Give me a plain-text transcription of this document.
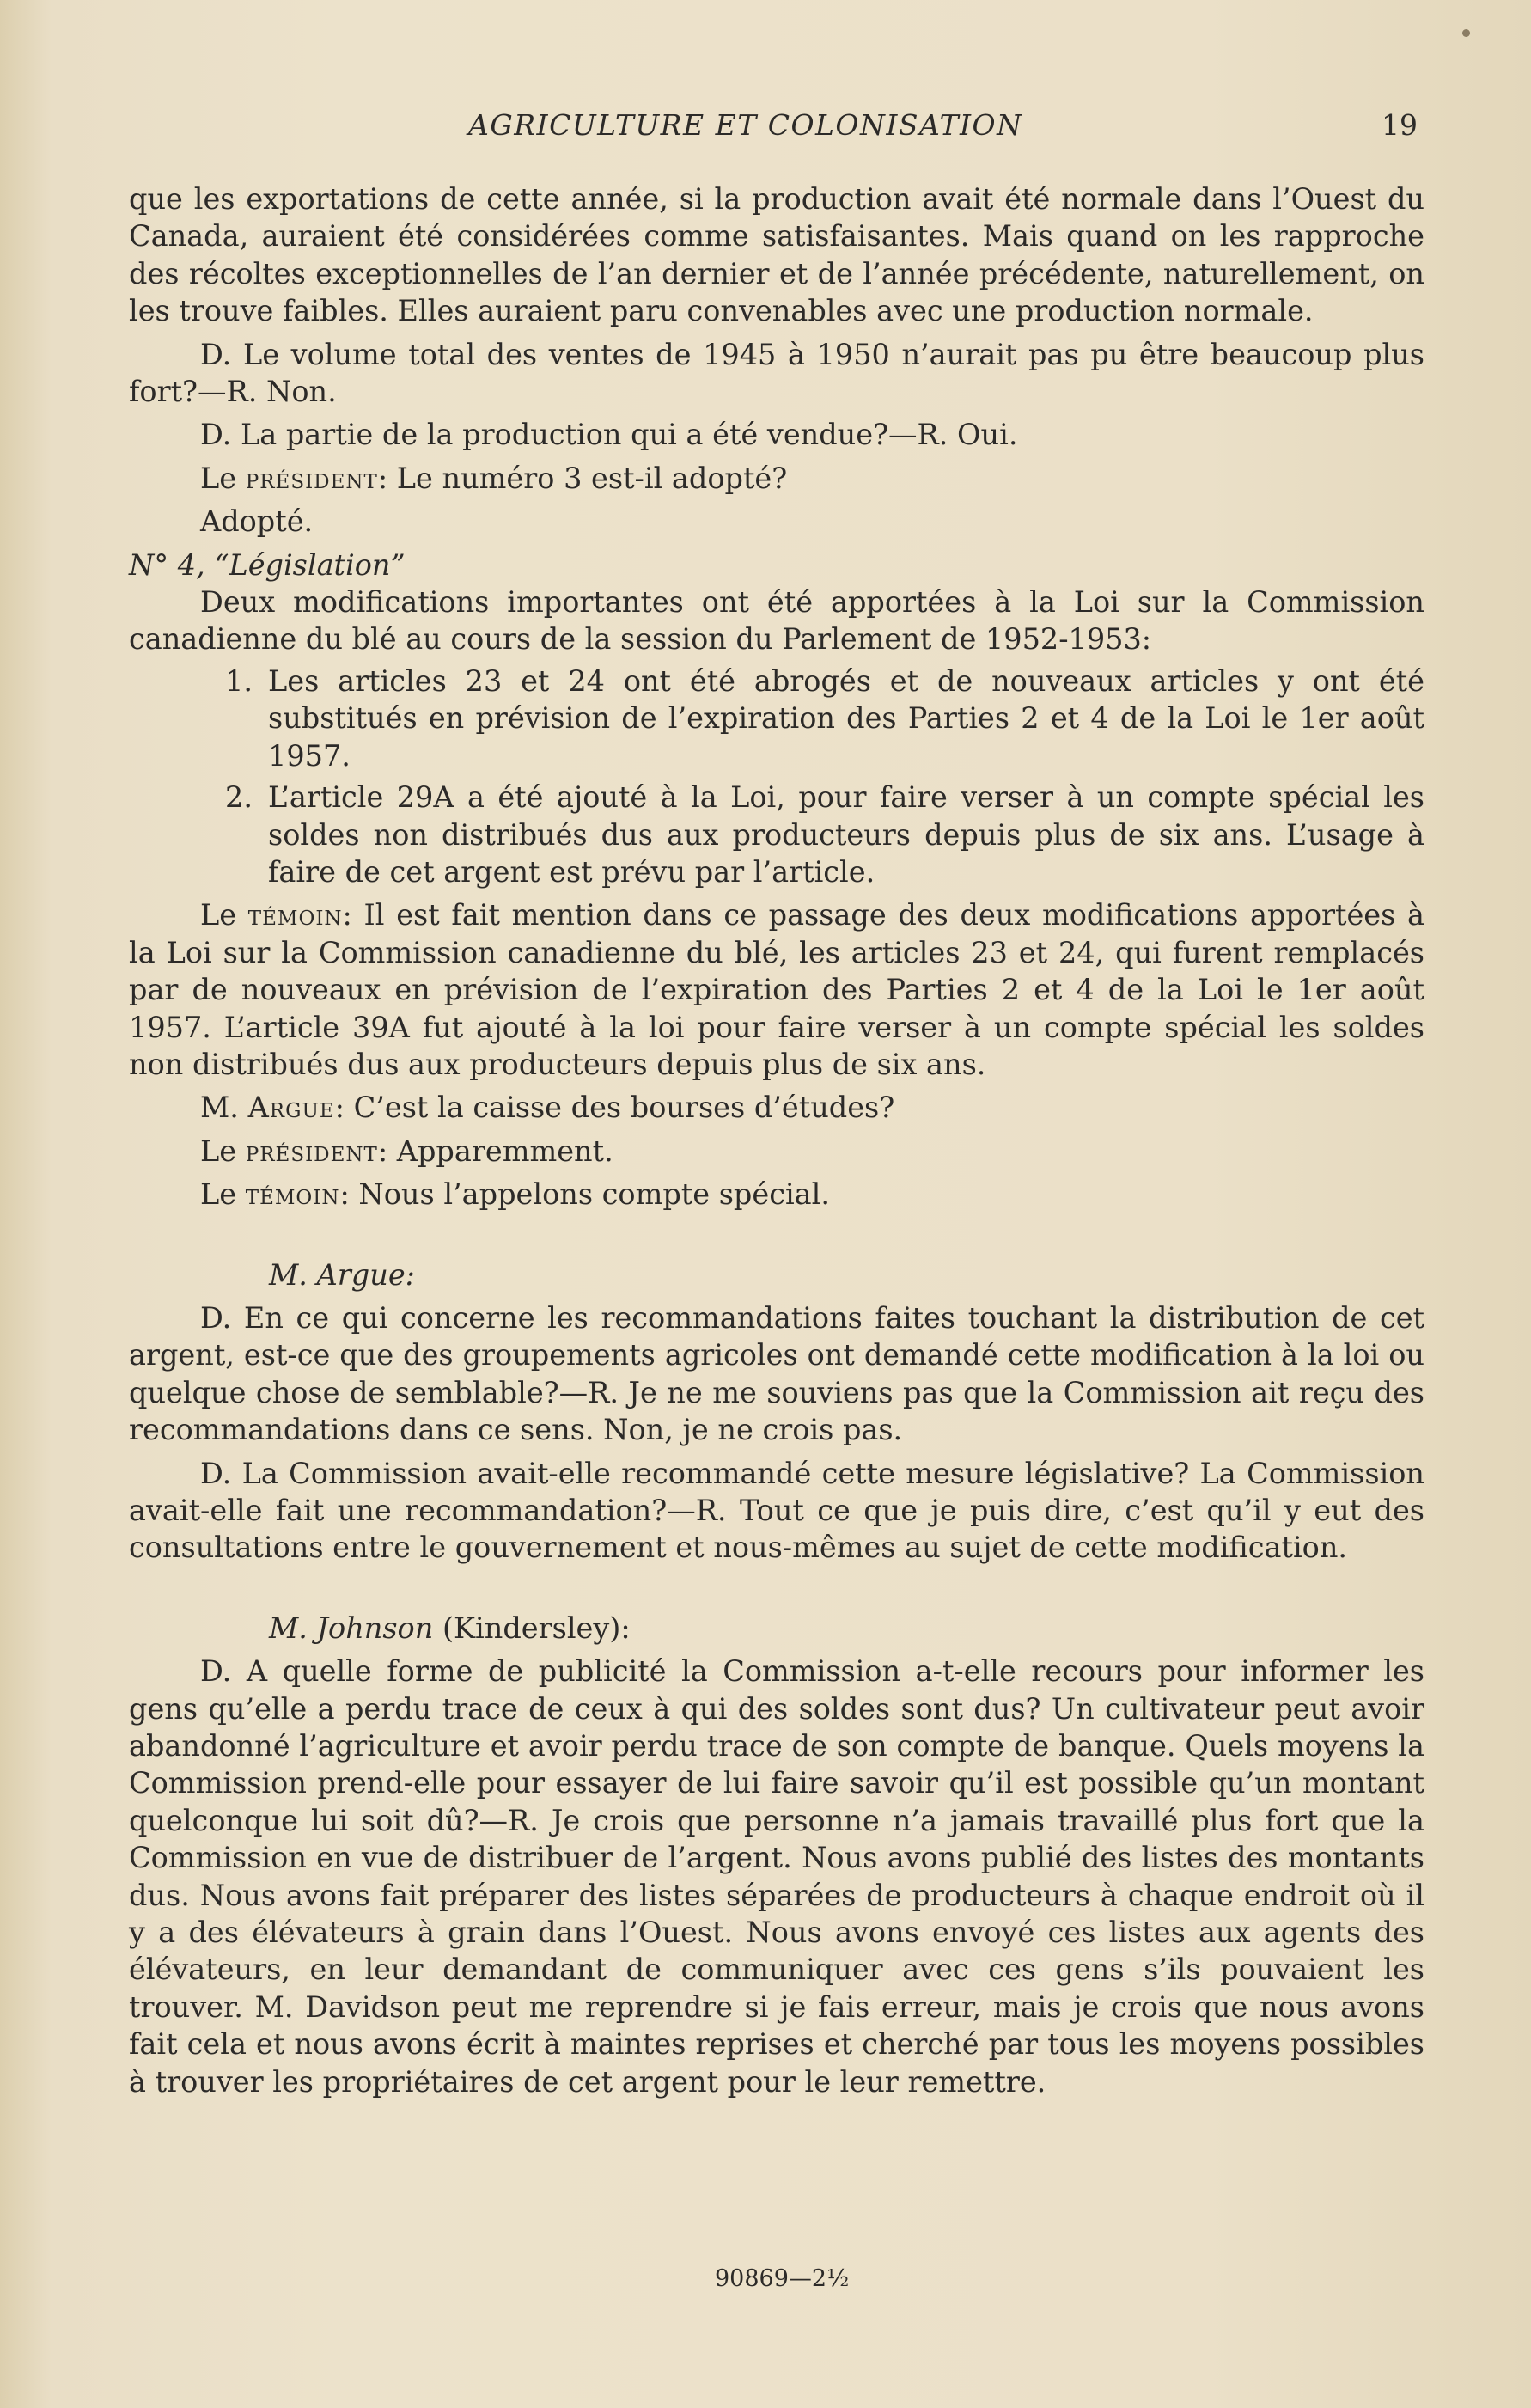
AGRICULTURE ET COLONISATION	19

que les exportations de cette année, si la production avait été normale dans l’Ouest du Canada, auraient été considérées comme satisfaisantes. Mais quand on les rapproche des récoltes exceptionnelles de l’an dernier et de l’année précédente, naturellement, on les trouve faibles. Elles auraient paru convenables avec une production normale.

D. Le volume total des ventes de 1945 à 1950 n’aurait pas pu être beaucoup plus fort?—R. Non.

D. La partie de la production qui a été vendue?—R. Oui.

Le président: Le numéro 3 est-il adopté?

Adopté.

N° 4, “Législation”

Deux modifications importantes ont été apportées à la Loi sur la Commission canadienne du blé au cours de la session du Parlement de 1952-1953:

1. Les articles 23 et 24 ont été abrogés et de nouveaux articles y ont été substitués en prévision de l’expiration des Parties 2 et 4 de la Loi le 1er août 1957.
2. L’article 29A a été ajouté à la Loi, pour faire verser à un compte spécial les soldes non distribués dus aux producteurs depuis plus de six ans. L’usage à faire de cet argent est prévu par l’article.

Le témoin: Il est fait mention dans ce passage des deux modifications apportées à la Loi sur la Commission canadienne du blé, les articles 23 et 24, qui furent remplacés par de nouveaux en prévision de l’expiration des Parties 2 et 4 de la Loi le 1er août 1957. L’article 39A fut ajouté à la loi pour faire verser à un compte spécial les soldes non distribués dus aux producteurs depuis plus de six ans.

M. Argue: C’est la caisse des bourses d’études?

Le président: Apparemment.

Le témoin: Nous l’appelons compte spécial.

M. Argue:

D. En ce qui concerne les recommandations faites touchant la distribution de cet argent, est-ce que des groupements agricoles ont demandé cette modification à la loi ou quelque chose de semblable?—R. Je ne me souviens pas que la Commission ait reçu des recommandations dans ce sens. Non, je ne crois pas.

D. La Commission avait-elle recommandé cette mesure législative? La Commission avait-elle fait une recommandation?—R. Tout ce que je puis dire, c’est qu’il y eut des consultations entre le gouvernement et nous-mêmes au sujet de cette modification.

M. Johnson (Kindersley):

D. A quelle forme de publicité la Commission a-t-elle recours pour informer les gens qu’elle a perdu trace de ceux à qui des soldes sont dus? Un cultivateur peut avoir abandonné l’agriculture et avoir perdu trace de son compte de banque. Quels moyens la Commission prend-elle pour essayer de lui faire savoir qu’il est possible qu’un montant quelconque lui soit dû?—R. Je crois que personne n’a jamais travaillé plus fort que la Commission en vue de distribuer de l’argent. Nous avons publié des listes des montants dus. Nous avons fait préparer des listes séparées de producteurs à chaque endroit où il y a des élévateurs à grain dans l’Ouest. Nous avons envoyé ces listes aux agents des élévateurs, en leur demandant de communiquer avec ces gens s’ils pouvaient les trouver. M. Davidson peut me reprendre si je fais erreur, mais je crois que nous avons fait cela et nous avons écrit à maintes reprises et cherché par tous les moyens possibles à trouver les propriétaires de cet argent pour le leur remettre.

90869—2½
